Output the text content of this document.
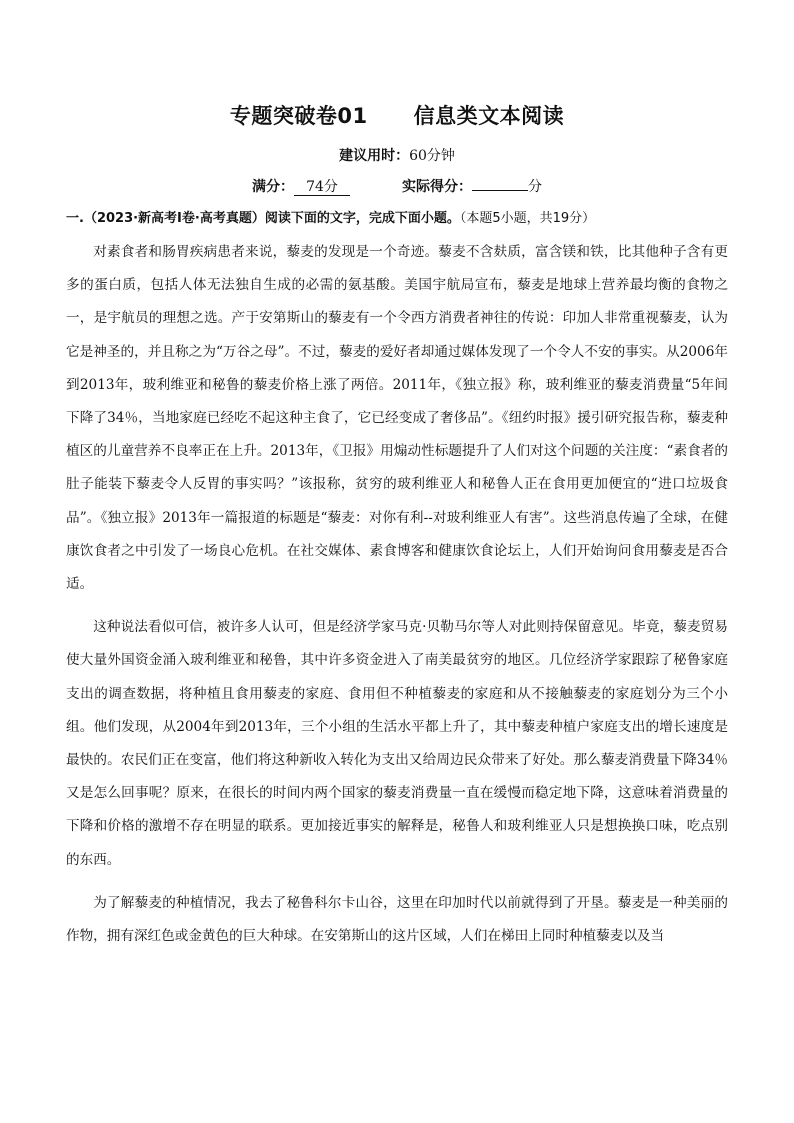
专题突破卷01 信息类文本阅读
建议用时：60分钟
满分： 74分	实际得分：	分
一.（2023·新高考Ⅰ卷·高考真题）阅读下面的文字，完成下面小题。（本题5小题，共19分）

对素食者和肠胃疾病患者来说，藜麦的发现是一个奇迹。藜麦不含麸质，富含镁和铁，比其他种子含有更多的蛋白质，包括人体无法独自生成的必需的氨基酸。美国宇航局宣布，藜麦是地球上营养最均衡的食物之一，是宇航员的理想之选。产于安第斯山的藜麦有一个令西方消费者神往的传说：印加人非常重视藜麦，认为它是神圣的，并且称之为“万谷之母”。不过，藜麦的爱好者却通过媒体发现了一个令人不安的事实。从2006年到2013年，玻利维亚和秘鲁的藜麦价格上涨了两倍。2011年，《独立报》称，玻利维亚的藜麦消费量“5年间下降了34％，当地家庭已经吃不起这种主食了，它已经变成了奢侈品”。《纽约时报》援引研究报告称，藜麦种植区的儿童营养不良率正在上升。2013年，《卫报》用煽动性标题提升了人们对这个问题的关注度：“素食者的肚子能装下藜麦令人反胃的事实吗？”该报称，贫穷的玻利维亚人和秘鲁人正在食用更加便宜的“进口垃圾食品”。《独立报》2013年一篇报道的标题是“藜麦：对你有利--对玻利维亚人有害”。这些消息传遍了全球，在健康饮食者之中引发了一场良心危机。在社交媒体、素食博客和健康饮食论坛上，人们开始询问食用藜麦是否合适。

这种说法看似可信，被许多人认可，但是经济学家马克·贝勒马尔等人对此则持保留意见。毕竟，藜麦贸易使大量外国资金涌入玻利维亚和秘鲁，其中许多资金进入了南美最贫穷的地区。几位经济学家跟踪了秘鲁家庭支出的调查数据，将种植且食用藜麦的家庭、食用但不种植藜麦的家庭和从不接触藜麦的家庭划分为三个小组。他们发现，从2004年到2013年，三个小组的生活水平都上升了，其中藜麦种植户家庭支出的增长速度是最快的。农民们正在变富，他们将这种新收入转化为支出又给周边民众带来了好处。那么藜麦消费量下降34％又是怎么回事呢？原来，在很长的时间内两个国家的藜麦消费量一直在缓慢而稳定地下降，这意味着消费量的下降和价格的激增不存在明显的联系。更加接近事实的解释是，秘鲁人和玻利维亚人只是想换换口味，吃点别的东西。

为了解藜麦的种植情况，我去了秘鲁科尔卡山谷，这里在印加时代以前就得到了开垦。藜麦是一种美丽的作物，拥有深红色或金黄色的巨大种球。在安第斯山的这片区域，人们在梯田上同时种植藜麦以及当
